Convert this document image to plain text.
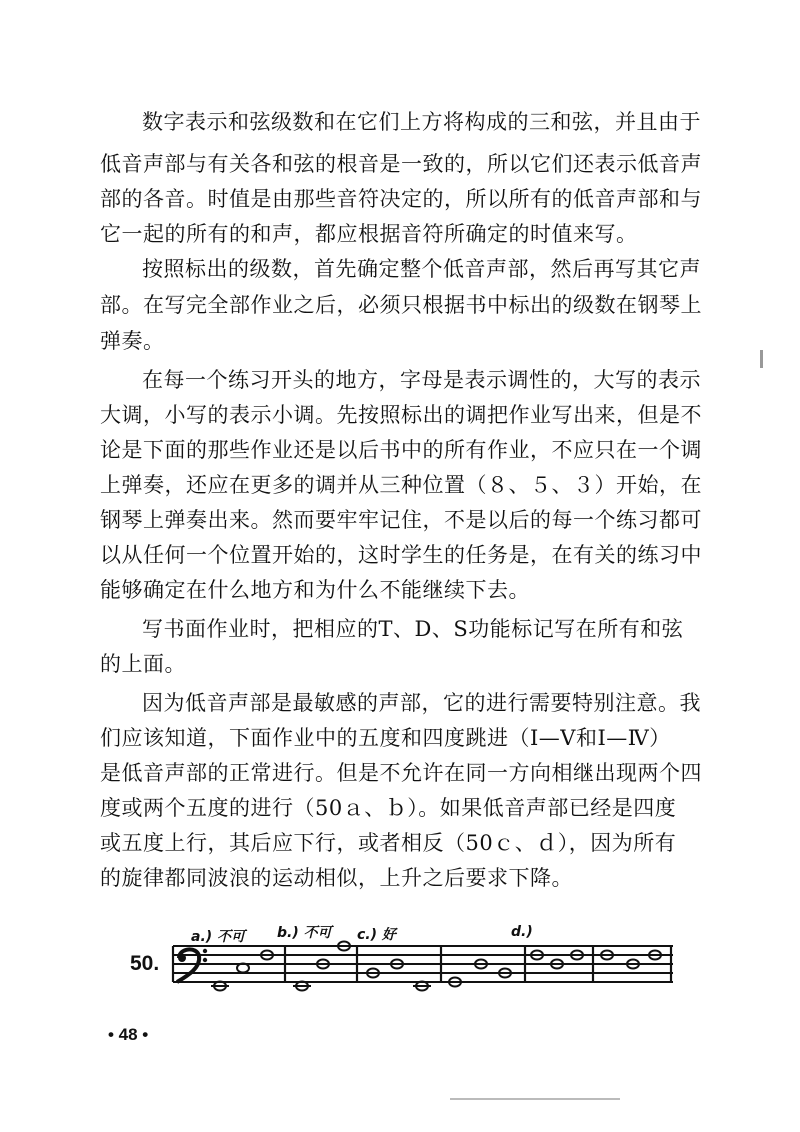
数字表示和弦级数和在它们上方将构成的三和弦，并且由于
低音声部与有关各和弦的根音是一致的，所以它们还表示低音声
部的各音。时值是由那些音符决定的，所以所有的低音声部和与
它一起的所有的和声，都应根据音符所确定的时值来写。
按照标出的级数，首先确定整个低音声部，然后再写其它声
部。在写完全部作业之后，必须只根据书中标出的级数在钢琴上
弹奏。
在每一个练习开头的地方，字母是表示调性的，大写的表示
大调，小写的表示小调。先按照标出的调把作业写出来，但是不
论是下面的那些作业还是以后书中的所有作业，不应只在一个调
上弹奏，还应在更多的调并从三种位置（８、５、３）开始，在
钢琴上弹奏出来。然而要牢牢记住，不是以后的每一个练习都可
以从任何一个位置开始的，这时学生的任务是，在有关的练习中
能够确定在什么地方和为什么不能继续下去。
写书面作业时，把相应的T、D、S功能标记写在所有和弦
的上面。
因为低音声部是最敏感的声部，它的进行需要特别注意。我
们应该知道，下面作业中的五度和四度跳进（Ⅰ—Ⅴ和Ⅰ—Ⅳ）
是低音声部的正常进行。但是不允许在同一方向相继出现两个四
度或两个五度的进行（50ａ、ｂ）。如果低音声部已经是四度
或五度上行，其后应下行，或者相反（50ｃ、ｄ），因为所有
的旋律都同波浪的运动相似，上升之后要求下降。
50.
a.) 不可 b.) 不可 c.) 好	d.)
• 48 •
